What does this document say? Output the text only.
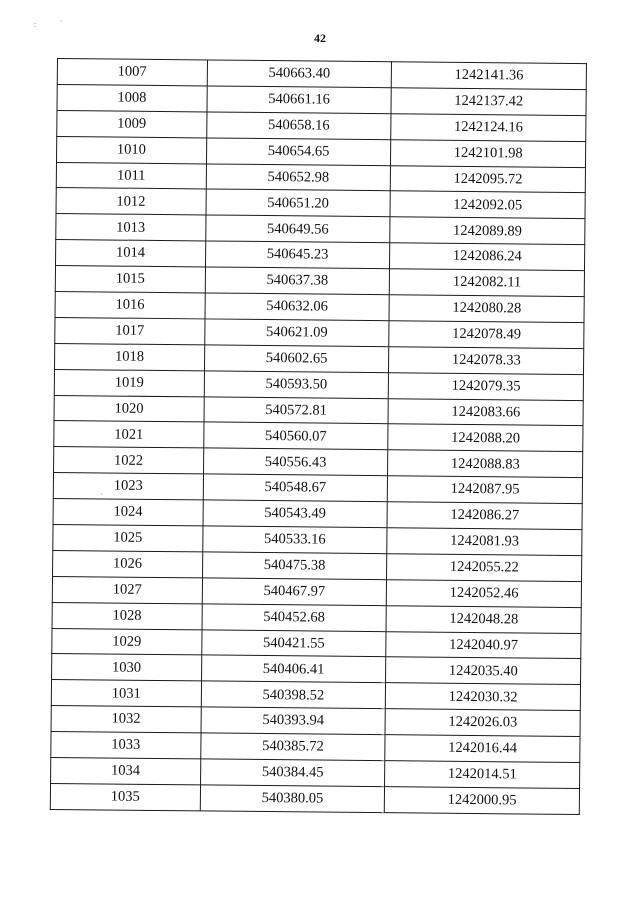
:	·
·
42
1007	540663.40	1242141.36
1008	540661.16	1242137.42
1009	540658.16	1242124.16
1010	540654.65	1242101.98
1011	540652.98	1242095.72
1012	540651.20	1242092.05
1013	540649.56	1242089.89
1014	540645.23	1242086.24
1015	540637.38	1242082.11
1016	540632.06	1242080.28
1017	540621.09	1242078.49
1018	540602.65	1242078.33
1019	540593.50	1242079.35
1020	540572.81	1242083.66
1021	540560.07	1242088.20
1022	540556.43	1242088.83
1023	540548.67	1242087.95
1024	540543.49	1242086.27
1025	540533.16	1242081.93
1026	540475.38	1242055.22
1027	540467.97	1242052.46
1028	540452.68	1242048.28
1029	540421.55	1242040.97
1030	540406.41	1242035.40
1031	540398.52	1242030.32
1032	540393.94	1242026.03
1033	540385.72	1242016.44
1034	540384.45	1242014.51
1035	540380.05	1242000.95
